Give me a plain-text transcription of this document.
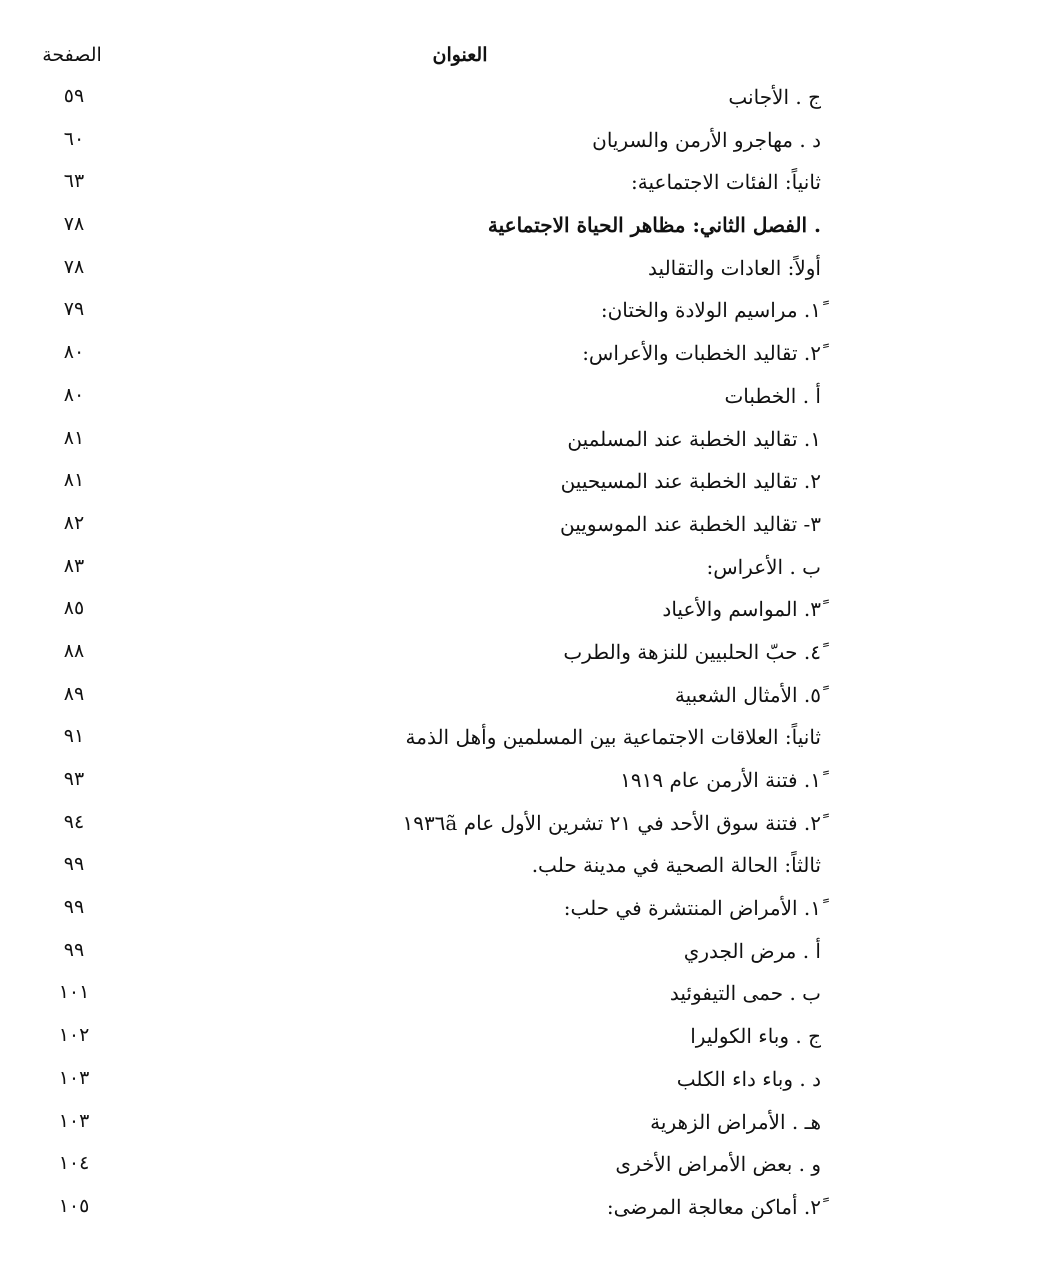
العنوان
الصفحة
ج . الأجانب
٥٩
د . مهاجرو الأرمن والسريان
٦٠
ثانياً: الفئات الاجتماعية:
٦٣
. الفصل الثاني: مظاهر الحياة الاجتماعية
٧٨
أولاً: العادات والتقاليد
٧٨
١ً. مراسيم الولادة والختان:
٧٩
٢ً. تقاليد الخطبات والأعراس:
٨٠
أ . الخطبات
٨٠
١. تقاليد الخطبة عند المسلمين
٨١
٢. تقاليد الخطبة عند المسيحيين
٨١
٣- تقاليد الخطبة عند الموسويين
٨٢
ب . الأعراس:
٨٣
٣ً. المواسم والأعياد
٨٥
٤ً. حبّ الحلبيين للنزهة والطرب
٨٨
٥ً. الأمثال الشعبية
٨٩
ثانياً: العلاقات الاجتماعية بين المسلمين وأهل الذمة
٩١
١ً. فتنة الأرمن عام ١٩١٩
٩٣
٢ً. فتنة سوق الأحد في ٢١ تشرين الأول عام ١٩٣٦ã
٩٤
ثالثاً: الحالة الصحية في مدينة حلب.
٩٩
١ً. الأمراض المنتشرة في حلب:
٩٩
أ . مرض الجدري
٩٩
ب . حمى التيفوئيد
١٠١
ج . وباء الكوليرا
١٠٢
د . وباء داء الكلب
١٠٣
هـ . الأمراض الزهرية
١٠٣
و . بعض الأمراض الأخرى
١٠٤
٢ً. أماكن معالجة المرضى:
١٠٥
